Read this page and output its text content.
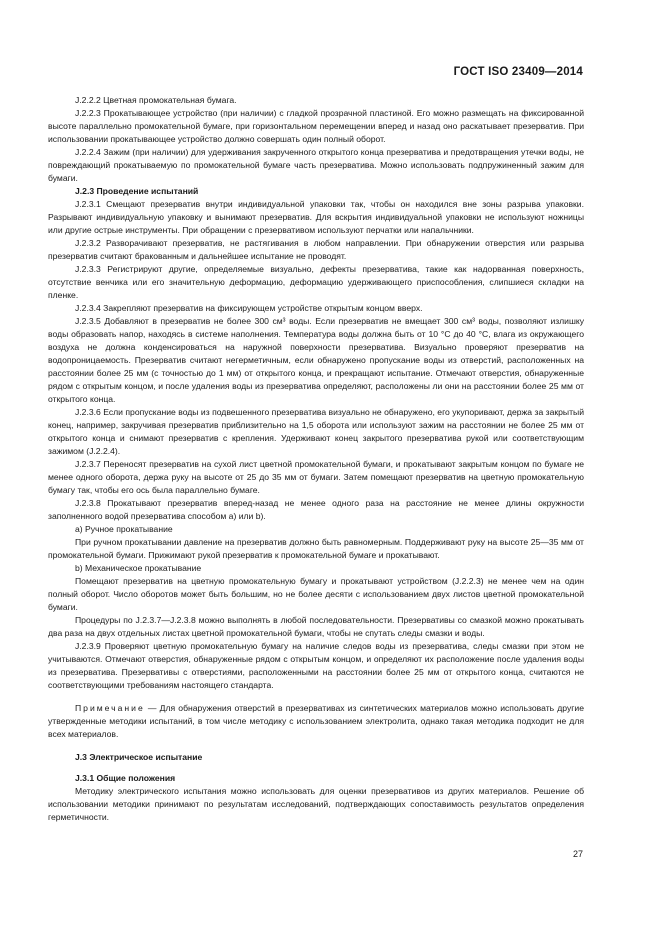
ГОСТ ISO 23409—2014

J.2.2.2 Цветная промокательная бумага.

J.2.2.3 Прокатывающее устройство (при наличии) с гладкой прозрачной пластиной. Его можно размещать на фиксированной высоте параллельно промокательной бумаге, при горизонтальном перемещении вперед и назад оно раскатывает презерватив. При использовании прокатывающее устройство должно совершать один полный оборот.

J.2.2.4 Зажим (при наличии) для удерживания закрученного открытого конца презерватива и предотвращения утечки воды, не повреждающий прокатываемую по промокательной бумаге часть презерватива. Можно использовать подпружиненный зажим для бумаги.

J.2.3 Проведение испытаний

J.2.3.1 Смещают презерватив внутри индивидуальной упаковки так, чтобы он находился вне зоны разрыва упаковки. Разрывают индивидуальную упаковку и вынимают презерватив. Для вскрытия индивидуальной упаковки не используют ножницы или другие острые инструменты. При обращении с презервативом используют перчатки или напальчники.

J.2.3.2 Разворачивают презерватив, не растягивания в любом направлении. При обнаружении отверстия или разрыва презерватив считают бракованным и дальнейшее испытание не проводят.

J.2.3.3 Регистрируют другие, определяемые визуально, дефекты презерватива, такие как надорванная поверхность, отсутствие венчика или его значительную деформацию, деформацию удерживающего приспособления, слипшиеся складки на пленке.

J.2.3.4 Закрепляют презерватив на фиксирующем устройстве открытым концом вверх.

J.2.3.5 Добавляют в презерватив не более 300 см³ воды. Если презерватив не вмещает 300 см³ воды, позволяют излишку воды образовать напор, находясь в системе наполнения. Температура воды должна быть от 10 °С до 40 °С, влага из окружающего воздуха не должна конденсироваться на наружной поверхности презерватива. Визуально проверяют презерватив на водопроницаемость. Презерватив считают негерметичным, если обнаружено пропускание воды из отверстий, расположенных на расстоянии более 25 мм (с точностью до 1 мм) от открытого конца, и прекращают испытание. Отмечают отверстия, обнаруженные рядом с открытым концом, и после удаления воды из презерватива определяют, расположены ли они на расстоянии более 25 мм от открытого конца.

J.2.3.6 Если пропускание воды из подвешенного презерватива визуально не обнаружено, его укупоривают, держа за закрытый конец, например, закручивая презерватив приблизительно на 1,5 оборота или используют зажим на расстоянии не более 25 мм от открытого конца и снимают презерватив с крепления. Удерживают конец закрытого презерватива рукой или соответствующим зажимом (J.2.2.4).

J.2.3.7 Переносят презерватив на сухой лист цветной промокательной бумаги, и прокатывают закрытым концом по бумаге не менее одного оборота, держа руку на высоте от 25 до 35 мм от бумаги. Затем помещают презерватив на цветную промокательную бумагу так, чтобы его ось была параллельно бумаге.

J.2.3.8 Прокатывают презерватив вперед-назад не менее одного раза на расстояние не менее длины окружности заполненного водой презерватива способом а) или b).

а) Ручное прокатывание

При ручном прокатывании давление на презерватив должно быть равномерным. Поддерживают руку на высоте 25—35 мм от промокательной бумаги. Прижимают рукой презерватив к промокательной бумаге и прокатывают.

b) Механическое прокатывание

Помещают презерватив на цветную промокательную бумагу и прокатывают устройством (J.2.2.3) не менее чем на один полный оборот. Число оборотов может быть большим, но не более десяти с использованием двух листов цветной промокательной бумаги.

Процедуры по J.2.3.7—J.2.3.8 можно выполнять в любой последовательности. Презервативы со смазкой можно прокатывать два раза на двух отдельных листах цветной промокательной бумаги, чтобы не спутать следы смазки и воды.

J.2.3.9 Проверяют цветную промокательную бумагу на наличие следов воды из презерватива, следы смазки при этом не учитываются. Отмечают отверстия, обнаруженные рядом с открытым концом, и определяют их расположение после удаления воды из презерватива. Презервативы с отверстиями, расположенными на расстоянии более 25 мм от открытого конца, считаются не соответствующими требованиям настоящего стандарта.

Примечание — Для обнаружения отверстий в презервативах из синтетических материалов можно использовать другие утвержденные методики испытаний, в том числе методику с использованием электролита, однако такая методика подходит не для всех материалов.

J.3 Электрическое испытание

J.3.1 Общие положения

Методику электрического испытания можно использовать для оценки презервативов из других материалов. Решение об использовании методики принимают по результатам исследований, подтверждающих сопоставимость результатов определения герметичности.

27
